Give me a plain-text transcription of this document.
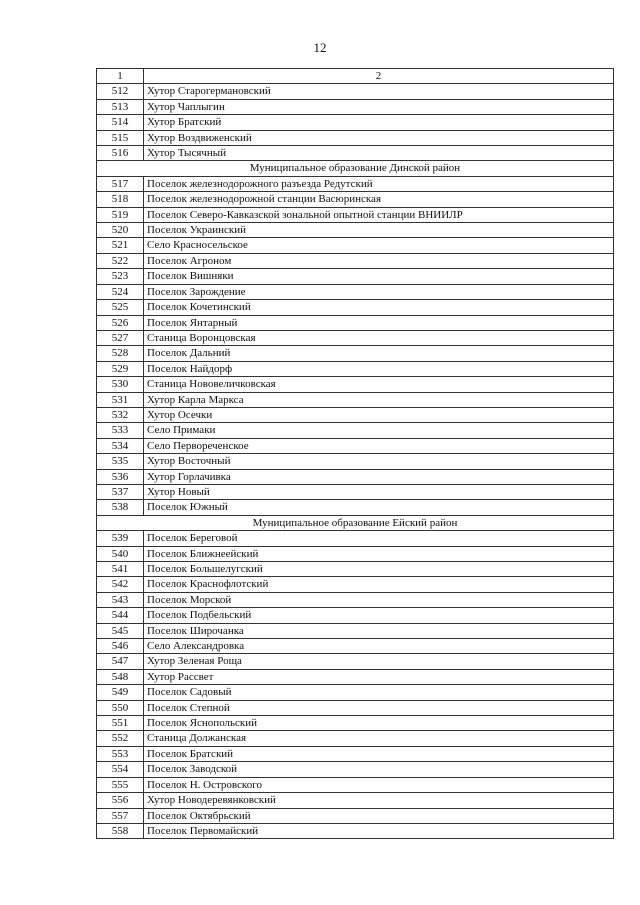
12
1	2
512	Хутор Старогермановский
513	Хутор Чаплыгин
514	Хутор Братский
515	Хутор Воздвиженский
516	Хутор Тысячный
Муниципальное образование Динской район	
517	Поселок железнодорожного разъезда Редутский
518	Поселок железнодорожной станции Васюринская
519	Поселок Северо-Кавказской зональной опытной станции ВНИИЛР
520	Поселок Украинский
521	Село Красносельское
522	Поселок Агроном
523	Поселок Вишняки
524	Поселок Зарождение
525	Поселок Кочетинский
526	Поселок Янтарный
527	Станица Воронцовская
528	Поселок Дальний
529	Поселок Найдорф
530	Станица Нововеличковская
531	Хутор Карла Маркса
532	Хутор Осечки
533	Село Примаки
534	Село Первореченское
535	Хутор Восточный
536	Хутор Горлачивка
537	Хутор Новый
538	Поселок Южный
Муниципальное образование Ейский район	
539	Поселок Береговой
540	Поселок Ближнеейский
541	Поселок Большелугский
542	Поселок Краснофлотский
543	Поселок Морской
544	Поселок Подбельский
545	Поселок Широчанка
546	Село Александровка
547	Хутор Зеленая Роща
548	Хутор Рассвет
549	Поселок Садовый
550	Поселок Степной
551	Поселок Яснопольский
552	Станица Должанская
553	Поселок Братский
554	Поселок Заводской
555	Поселок Н. Островского
556	Хутор Новодеревянковский
557	Поселок Октябрьский
558	Поселок Первомайский
